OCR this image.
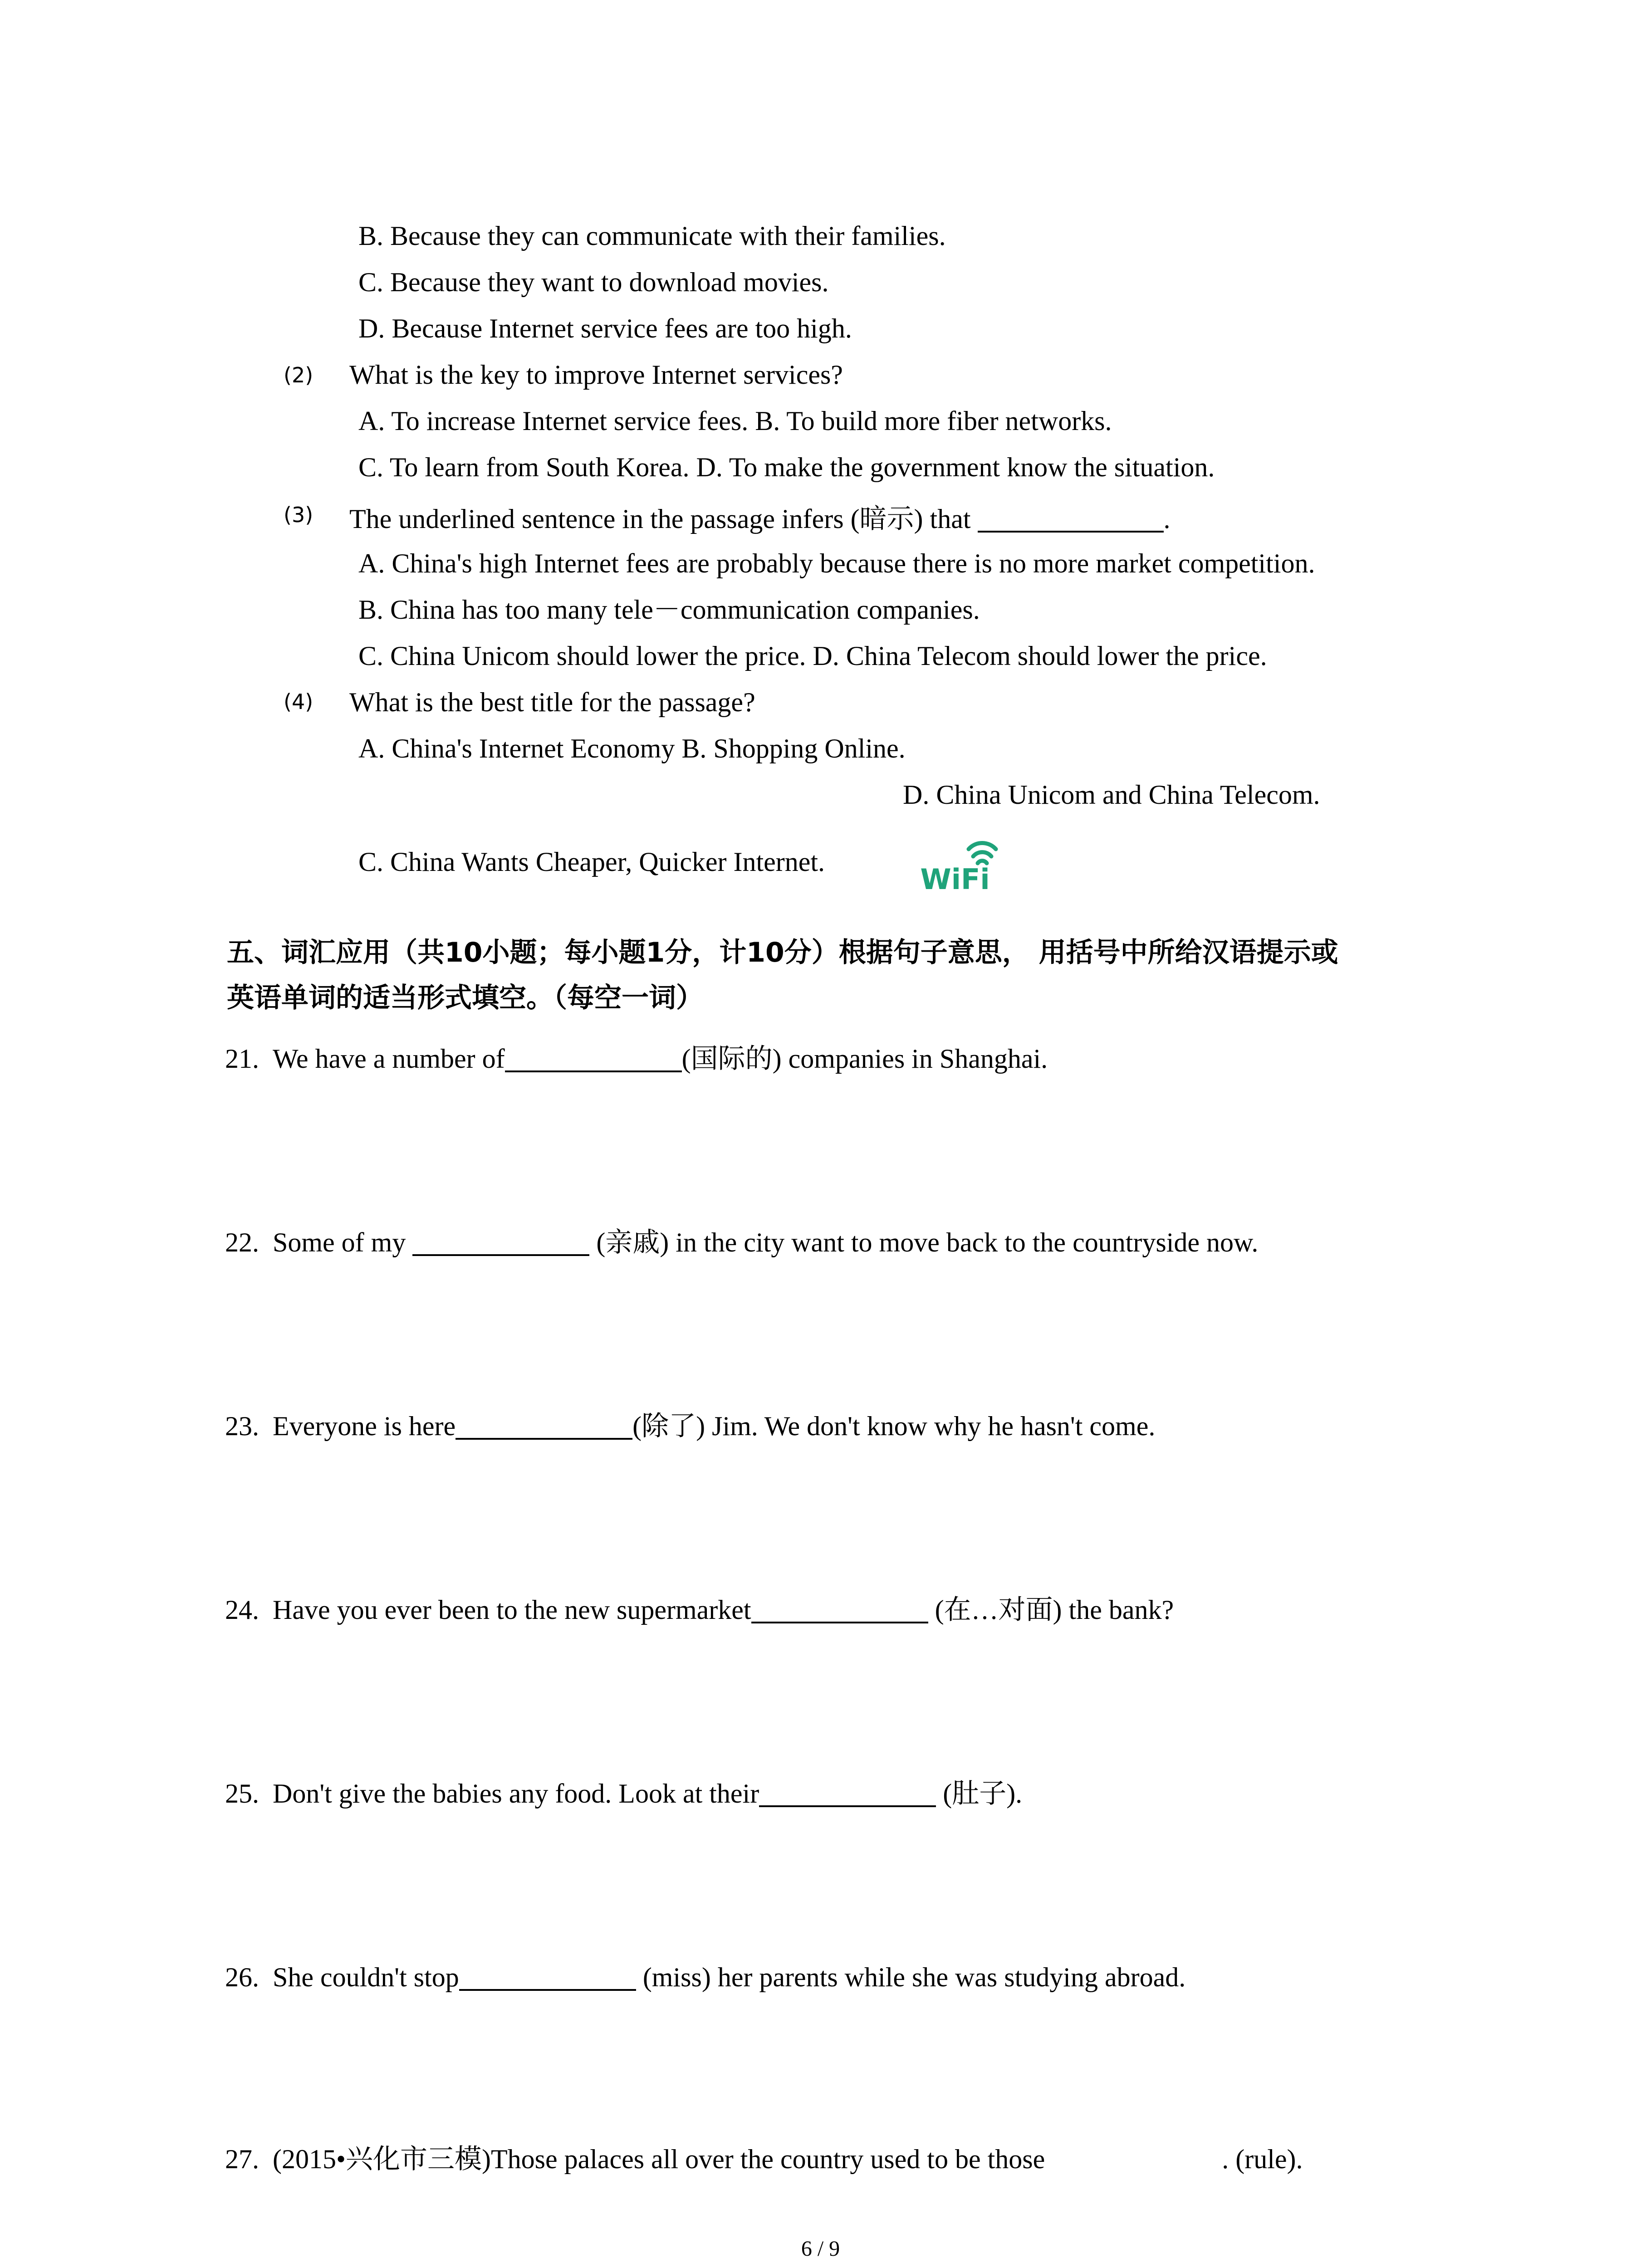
B. Because they can communicate with their families.
C. Because they want to download movies.
D. Because Internet service fees are too high.
(2) What is the key to improve Internet services?
A. To increase Internet service fees. B. To build more fiber networks.
C. To learn from South Korea. D. To make the government know the situation.
(3) The underlined sentence in the passage infers (暗示) that	.
A. China's high Internet fees are probably because there is no more market competition.
B. China has too many tele－communication companies.
C. China Unicom should lower the price. D. China Telecom should lower the price.
(4) What is the best title for the passage?
A. China's Internet Economy B. Shopping Online.
D. China Unicom and China Telecom.
C. China Wants Cheaper, Quicker Internet.
WiFi
五、词汇应用（共10小题；每小题1分，计10分）根据句子意思， 用括号中所给汉语提示或
英语单词的适当形式填空。（每空一词）
21. We have a number of	(国际的) companies in Shanghai.
22. Some of my	(亲戚) in the city want to move back to the countryside now.
23. Everyone is here	(除了) Jim. We don't know why he hasn't come.
24. Have you ever been to the new supermarket	(在…对面) the bank?
25. Don't give the babies any food. Look at their	(肚子).
26. She couldn't stop	(miss) her parents while she was studying abroad.
27. (2015•兴化市三模)Those palaces all over the country used to be those	. (rule).
6 / 9
